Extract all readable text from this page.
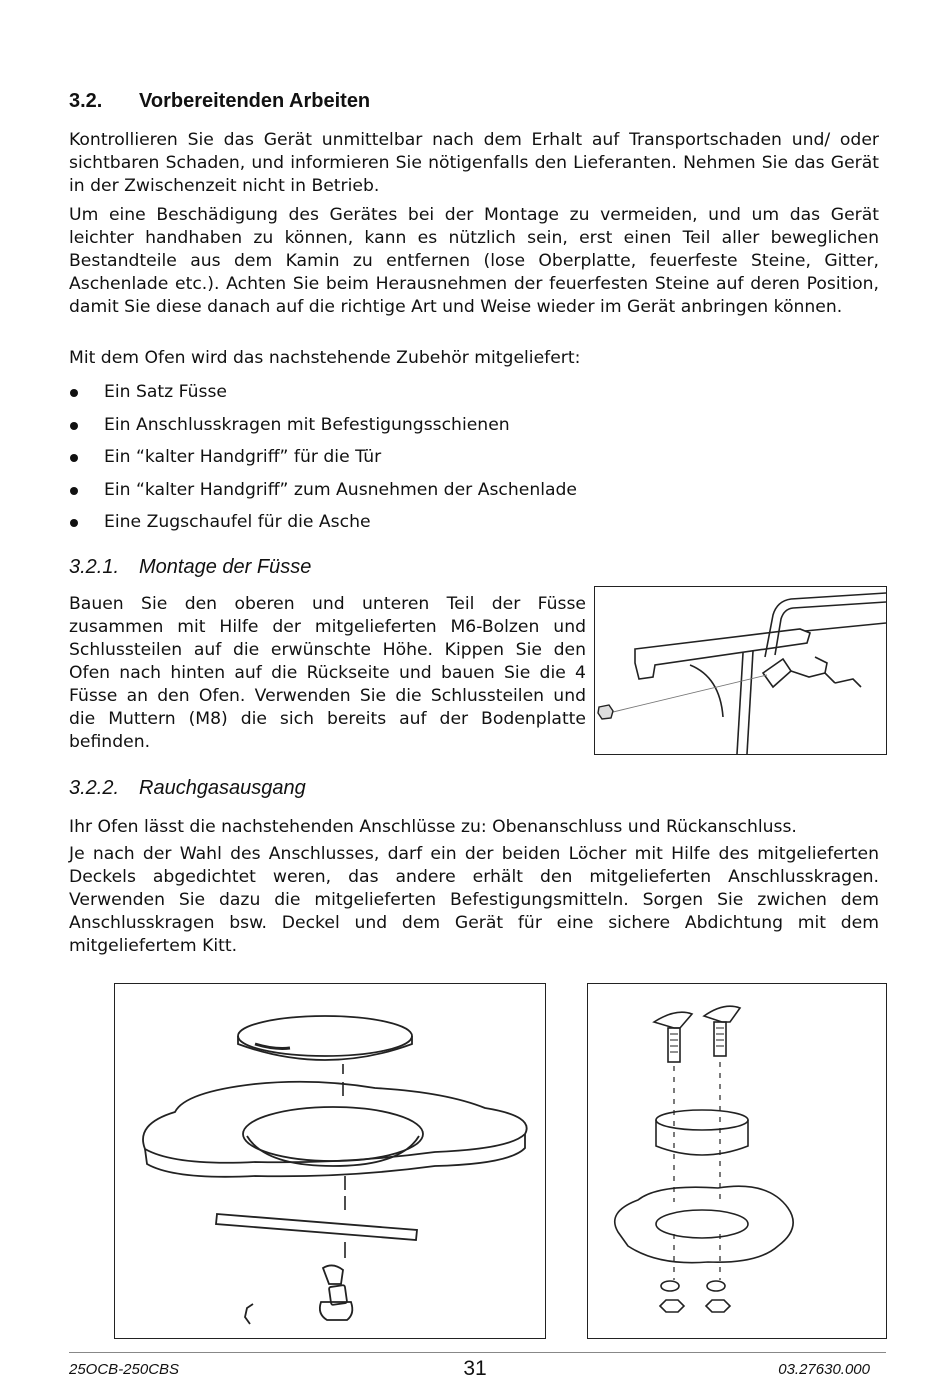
3.2. Vorbereitenden Arbeiten

Kontrollieren Sie das Gerät unmittelbar nach dem Erhalt auf Transportschaden und/ oder sichtbaren Schaden, und informieren Sie nötigenfalls den Lieferanten. Nehmen Sie das Gerät in der Zwischenzeit nicht in Betrieb.

Um eine Beschädigung des Gerätes bei der Montage zu vermeiden, und um das Gerät leichter handhaben zu können, kann es nützlich sein, erst einen Teil aller beweglichen Bestandteile aus dem Kamin zu entfernen (lose Oberplatte, feuerfeste Steine, Gitter, Aschenlade etc.). Achten Sie beim Herausnehmen der feuerfesten Steine auf deren Position, damit Sie diese danach auf die richtige Art und Weise wieder im Gerät anbringen können.

Mit dem Ofen wird das nachstehende Zubehör mitgeliefert:

Ein Satz Füsse
Ein Anschlusskragen mit Befestigungsschienen
Ein “kalter Handgriff” für die Tür
Ein “kalter Handgriff” zum Ausnehmen der Aschenlade
Eine Zugschaufel für die Asche
3.2.1. Montage der Füsse

Bauen Sie den oberen und unteren Teil der Füsse zusammen mit Hilfe der mitgelieferten M6-Bolzen und Schlussteilen auf die erwünschte Höhe. Kippen Sie den Ofen nach hinten auf die Rückseite und bauen Sie die 4 Füsse an den Ofen. Verwenden Sie die Schlussteilen und die Muttern (M8) die sich bereits auf der Bodenplatte befinden.

3.2.2. Rauchgasausgang

Ihr Ofen lässt die nachstehenden Anschlüsse zu: Obenanschluss und Rückanschluss.

Je nach der Wahl des Anschlusses, darf ein der beiden Löcher mit Hilfe des mitgelieferten Deckels abgedichtet weren, das andere erhält den mitgelieferten Anschlusskragen. Verwenden Sie dazu die mitgelieferten Befestigungsmitteln. Sorgen Sie zwichen dem Anschlusskragen bsw. Deckel und dem Gerät für eine sichere Abdichtung mit dem mitgeliefertem Kitt.

25OCB-250CBS	31	03.27630.000
